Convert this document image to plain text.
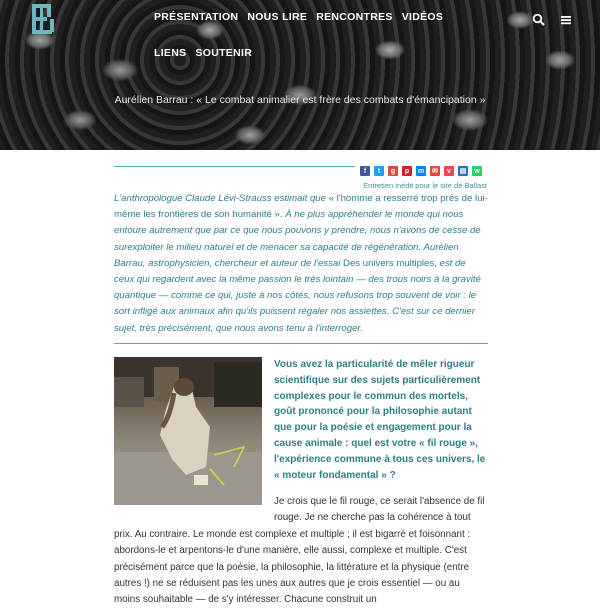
PRÉSENTATION NOUS LIRE RENCONTRES VIDÉOS
LIENS SOUTENIR
Aurélien Barrau : « Le combat animalier est frère des combats d'émancipation »
f	t	g	p	m ✉	v	▤	w
Entretien inédit pour le site de Ballast
L'anthropologue Claude Lévi-Strauss estimait que « l'homme a resserré trop près de lui-même les frontières de son humanité ». À ne plus appréhender le monde qui nous entoure autrement que par ce que nous pouvons y prendre, nous n'avons de cesse de surexploiter le milieu naturel et de menacer sa capacité de régénération. Aurélien Barrau, astrophysicien, chercheur et auteur de l'essai Des univers multiples, est de ceux qui regardent avec la même passion le très lointain — des trous noirs à la gravité quantique — comme ce qui, juste à nos côtés, nous refusons trop souvent de voir : le sort infligé aux animaux afin qu'ils puissent régaler nos assiettes. C'est sur ce dernier sujet, très précisément, que nous avons tenu à l'interroger.
Vous avez la particularité de mêler rigueur scientifique sur des sujets particulièrement complexes pour le commun des mortels, goût prononcé pour la philosophie autant que pour la poésie et engagement pour la cause animale : quel est votre « fil rouge », l'expérience commune à tous ces univers, le « moteur fondamental » ?
Je crois que le fil rouge, ce serait l'absence de fil rouge. Je ne cherche pas la cohérence à tout
prix. Au contraire. Le monde est complexe et multiple ; il est bigarré et foisonnant : abordons-le et arpentons-le d'une manière, elle aussi, complexe et multiple. C'est précisément parce que la poésie, la philosophie, la littérature et la physique (entre autres !) ne se réduisent pas les unes aux autres que je crois essentiel — ou au moins souhaitable — de s'y intéresser. Chacune construit un
